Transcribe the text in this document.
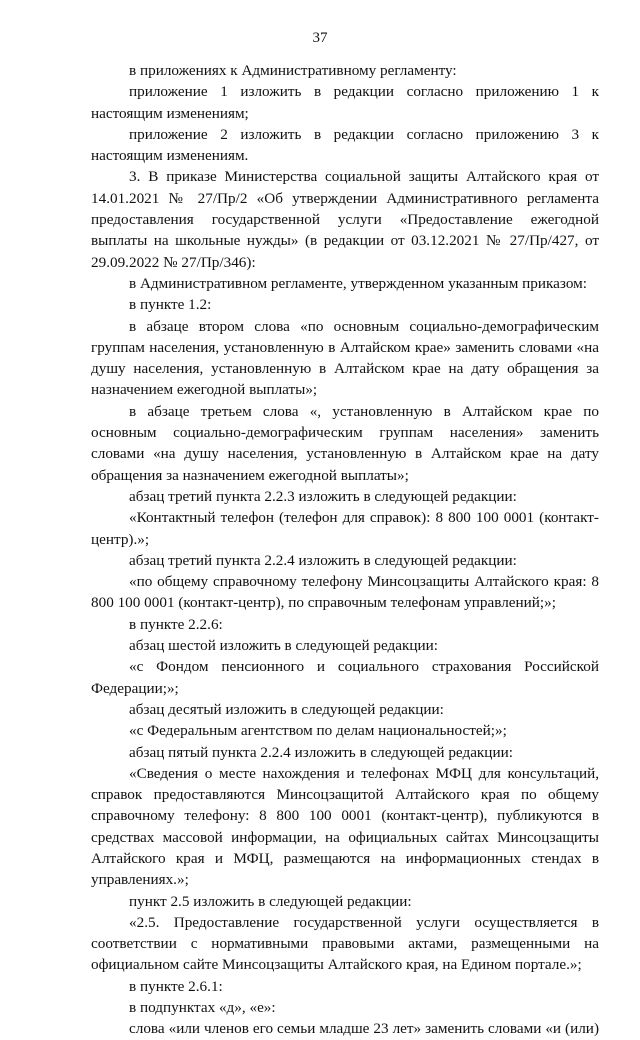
37

в приложениях к Административному регламенту:

приложение 1 изложить в редакции согласно приложению 1 к настоящим изменениям;

приложение 2 изложить в редакции согласно приложению 3 к настоящим изменениям.

3. В приказе Министерства социальной защиты Алтайского края от 14.01.2021 № 27/Пр/2 «Об утверждении Административного регламента предоставления государственной услуги «Предоставление ежегодной выплаты на школьные нужды» (в редакции от 03.12.2021 № 27/Пр/427, от 29.09.2022 № 27/Пр/346):

в Административном регламенте, утвержденном указанным приказом:

в пункте 1.2:

в абзаце втором слова «по основным социально-демографическим группам населения, установленную в Алтайском крае» заменить словами «на душу населения, установленную в Алтайском крае на дату обращения за назначением ежегодной выплаты»;

в абзаце третьем слова «, установленную в Алтайском крае по основным социально-демографическим группам населения» заменить словами «на душу населения, установленную в Алтайском крае на дату обращения за назначением ежегодной выплаты»;

абзац третий пункта 2.2.3 изложить в следующей редакции:

«Контактный телефон (телефон для справок): 8 800 100 0001 (контакт-центр).»;

абзац третий пункта 2.2.4 изложить в следующей редакции:

«по общему справочному телефону Минсоцзащиты Алтайского края: 8 800 100 0001 (контакт-центр), по справочным телефонам управлений;»;

в пункте 2.2.6:

абзац шестой изложить в следующей редакции:

«с Фондом пенсионного и социального страхования Российской Федерации;»;

абзац десятый изложить в следующей редакции:

«с Федеральным агентством по делам национальностей;»;

абзац пятый пункта 2.2.4 изложить в следующей редакции:

«Сведения о месте нахождения и телефонах МФЦ для консультаций, справок предоставляются Минсоцзащитой Алтайского края по общему справочному телефону: 8 800 100 0001 (контакт-центр), публикуются в средствах массовой информации, на официальных сайтах Минсоцзащиты Алтайского края и МФЦ, размещаются на информационных стендах в управлениях.»;

пункт 2.5 изложить в следующей редакции:

«2.5. Предоставление государственной услуги осуществляется в соответствии с нормативными правовыми актами, размещенными на официальном сайте Минсоцзащиты Алтайского края, на Едином портале.»;

в пункте 2.6.1:

в подпунктах «д», «е»:

слова «или членов его семьи младше 23 лет» заменить словами «и (или)
